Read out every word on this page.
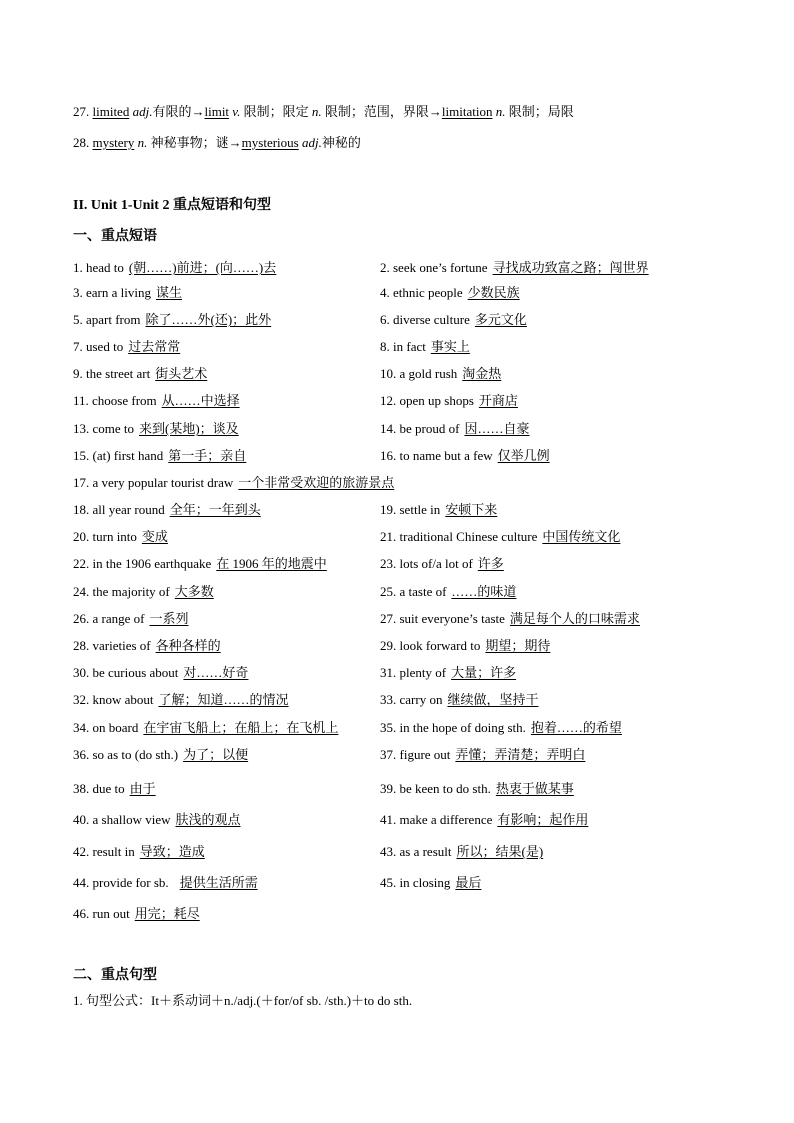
27. limited adj.有限的→limit v. 限制；限定 n. 限制；范围，界限→limitation n. 限制；局限
28. mystery n. 神秘事物；谜→mysterious adj.神秘的
II. Unit 1-Unit 2 重点短语和句型
一、重点短语
1. head to (朝……)前进；(向……)去	2. seek one’s fortune 寻找成功致富之路；闯世界
3. earn a living 谋生	4. ethnic people 少数民族
5. apart from 除了……外(还)；此外	6. diverse culture 多元文化
7. used to 过去常常	8. in fact 事实上
9. the street art 街头艺术	10. a gold rush 淘金热
11. choose from 从……中选择	12. open up shops 开商店
13. come to 来到(某地)；谈及	14. be proud of 因……自豪
15. (at) first hand 第一手；亲自	16. to name but a few 仅举几例
17. a very popular tourist draw 一个非常受欢迎的旅游景点
18. all year round 全年；一年到头	19. settle in 安顿下来
20. turn into 变成	21. traditional Chinese culture 中国传统文化
22. in the 1906 earthquake 在 1906 年的地震中	23. lots of/a lot of 许多
24. the majority of 大多数	25. a taste of ……的味道
26. a range of 一系列	27. suit everyone’s taste 满足每个人的口味需求
28. varieties of 各种各样的	29. look forward to 期望；期待
30. be curious about 对……好奇	31. plenty of 大量；许多
32. know about 了解；知道……的情况	33. carry on 继续做，坚持干
34. on board 在宇宙飞船上；在船上；在飞机上	35. in the hope of doing sth. 抱着……的希望
36. so as to (do sth.) 为了；以便	37. figure out 弄懂；弄清楚；弄明白
38. due to 由于	39. be keen to do sth. 热衷于做某事
40. a shallow view 肤浅的观点	41. make a difference 有影响；起作用
42. result in 导致；造成	43. as a result 所以；结果(是)
44. provide for sb. 提供生活所需	45. in closing 最后
46. run out 用完；耗尽
二、重点句型
1. 句型公式：It＋系动词＋n./adj.(＋for/of sb. /sth.)＋to do sth.
